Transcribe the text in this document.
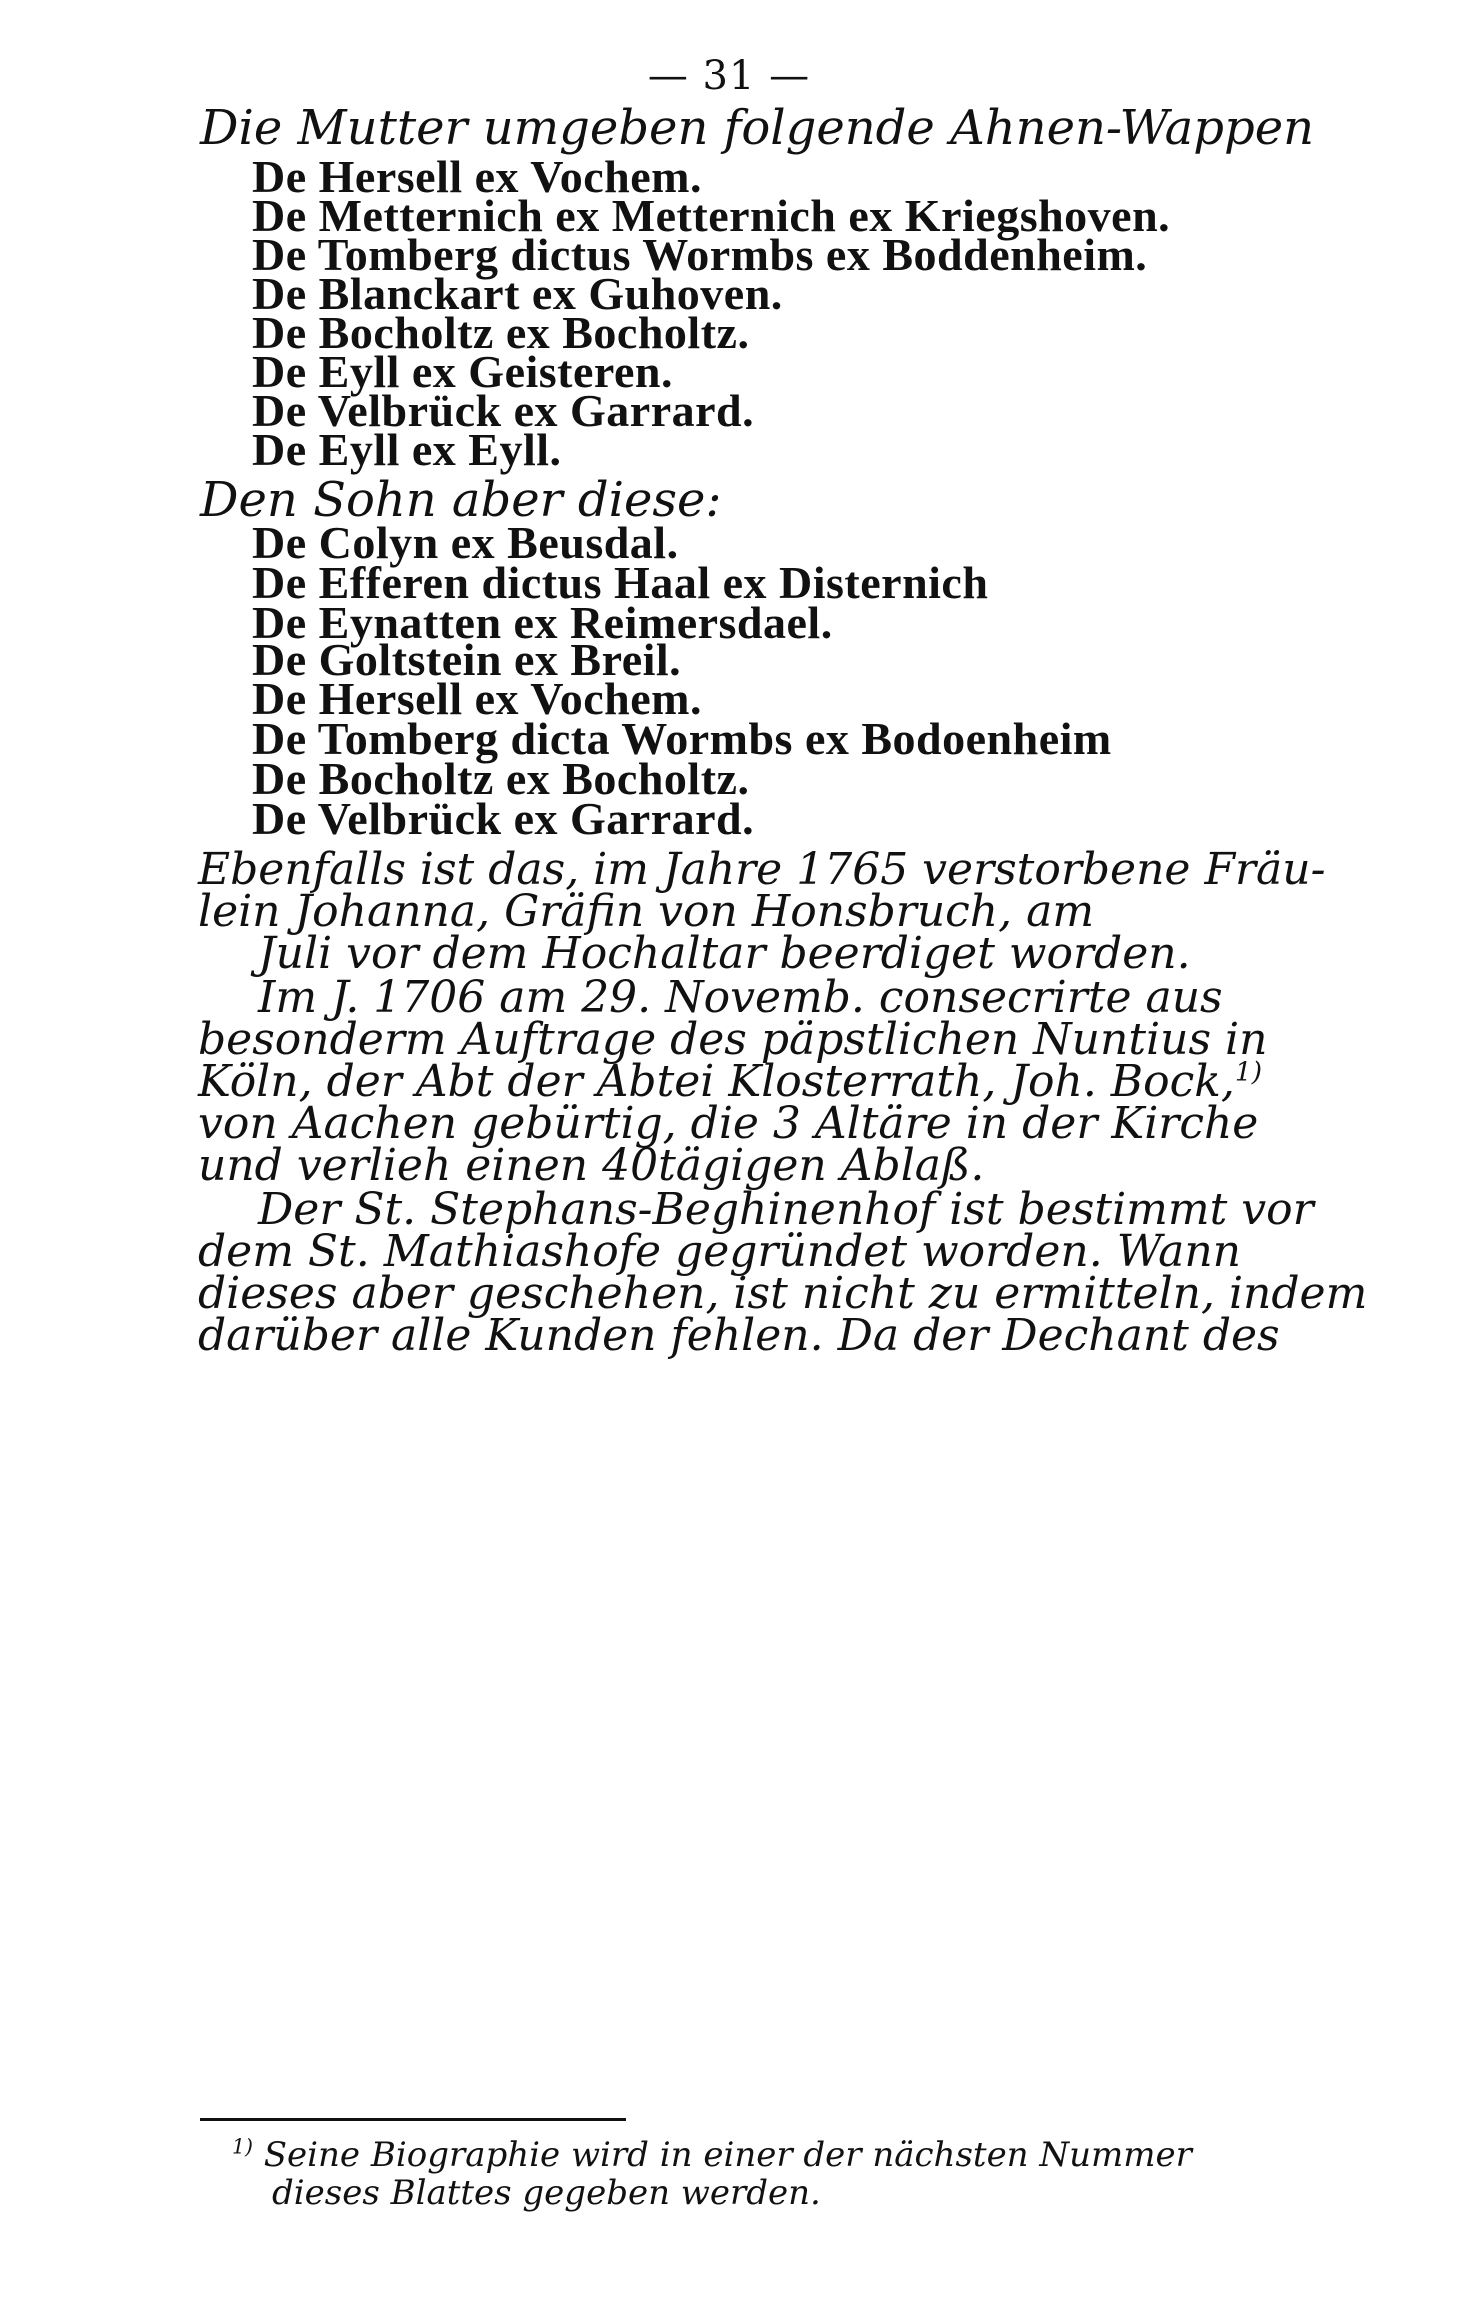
— 31 —
Die Mutter umgeben folgende Ahnen-Wappen
De Hersell ex Vochem.
De Metternich ex Metternich ex Kriegshoven.
De Tomberg dictus Wormbs ex Boddenheim.
De Blanckart ex Guhoven.
De Bocholtz ex Bocholtz.
De Eyll ex Geisteren.
De Velbrück ex Garrard.
De Eyll ex Eyll.
Den Sohn aber diese:
De Colyn ex Beusdal.
De Efferen dictus Haal ex Disternich
De Eynatten ex Reimersdael.
De Goltstein ex Breil.
De Hersell ex Vochem.
De Tomberg dicta Wormbs ex Bodoenheim
De Bocholtz ex Bocholtz.
De Velbrück ex Garrard.
Ebenfalls ist das, im Jahre 1765 verstorbene Fräu-
lein Johanna, Gräfin von Honsbruch, am
Juli vor dem Hochaltar beerdiget worden.
Im J. 1706 am 29. Novemb. consecrirte aus
besonderm Auftrage des päpstlichen Nuntius in
Köln, der Abt der Abtei Klosterrath, Joh. Bock,$^{1)}$
von Aachen gebürtig, die 3 Altäre in der Kirche
und verlieh einen 40tägigen Ablaß.
Der St. Stephans-Beghinenhof ist bestimmt vor
dem St. Mathiashofe gegründet worden. Wann
dieses aber geschehen, ist nicht zu ermitteln, indem
darüber alle Kunden fehlen. Da der Dechant des
$^{1)}$ Seine Biographie wird in einer der nächsten Nummer
dieses Blattes gegeben werden.
